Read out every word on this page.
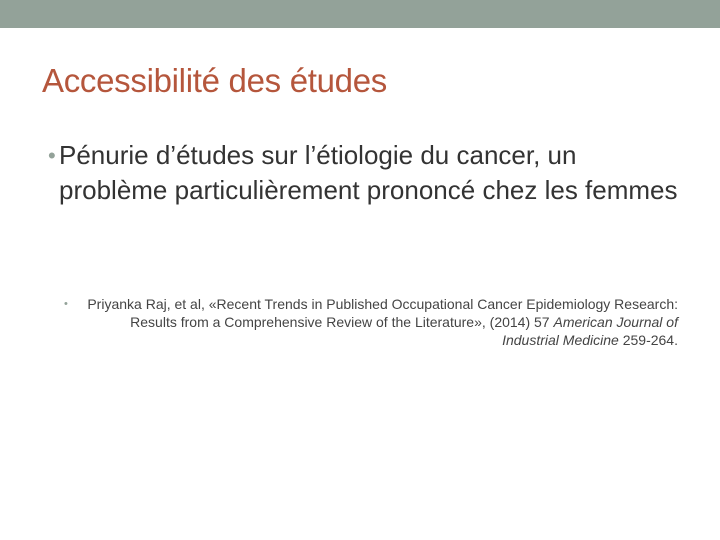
Accessibilité des études
• Pénurie d’études sur l’étiologie du cancer, un problème particulièrement prononcé chez les femmes
•	Priyanka Raj, et al, «Recent Trends in Published Occupational Cancer Epidemiology Research: Results from a Comprehensive Review of the Literature», (2014) 57 American Journal of Industrial Medicine 259-264.
